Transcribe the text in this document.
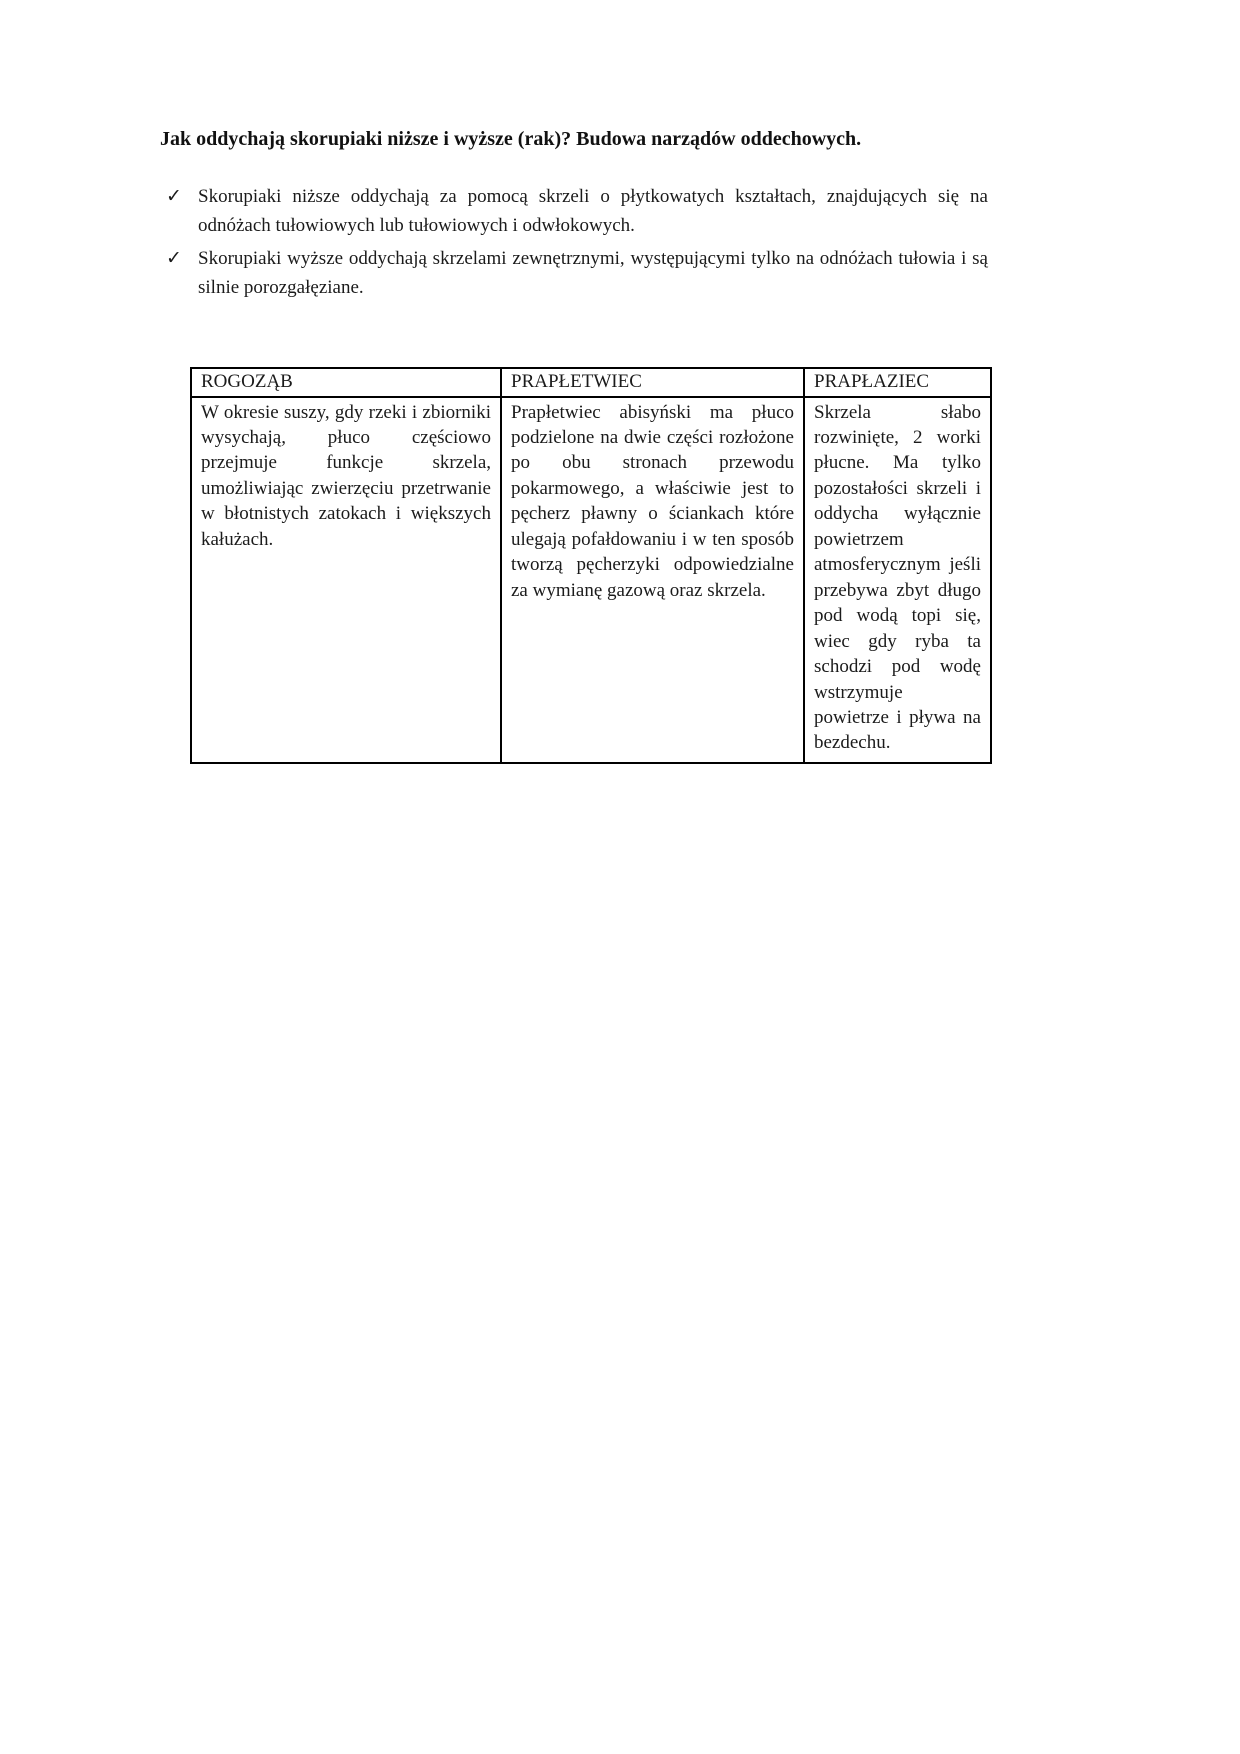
Jak oddychają skorupiaki niższe i wyższe (rak)? Budowa narządów oddechowych.
✓ Skorupiaki niższe oddychają za pomocą skrzeli o płytkowatych kształtach, znajdujących się na odnóżach tułowiowych lub tułowiowych i odwłokowych.
✓ Skorupiaki wyższe oddychają skrzelami zewnętrznymi, występującymi tylko na odnóżach tułowia i są silnie porozgałęziane.
ROGOZĄB	PRAPŁETWIEC	PRAPŁAZIEC
W okresie suszy, gdy rzeki i zbiorniki wysychają, płuco częściowo przejmuje funkcje skrzela, umożliwiając zwierzęciu przetrwanie w błotnistych zatokach i większych kałużach.	Prapłetwiec abisyński ma płuco podzielone na dwie części rozłożone po obu stronach przewodu pokarmowego, a właściwie jest to pęcherz pławny o ściankach które ulegają pofałdowaniu i w ten sposób tworzą pęcherzyki odpowiedzialne za wymianę gazową oraz skrzela.	Skrzela słabo rozwinięte, 2 worki płucne. Ma tylko pozostałości skrzeli i oddycha wyłącznie powietrzem atmosferycznym jeśli przebywa zbyt długo pod wodą topi się, wiec gdy ryba ta schodzi pod wodę wstrzymuje powietrze i pływa na bezdechu.
